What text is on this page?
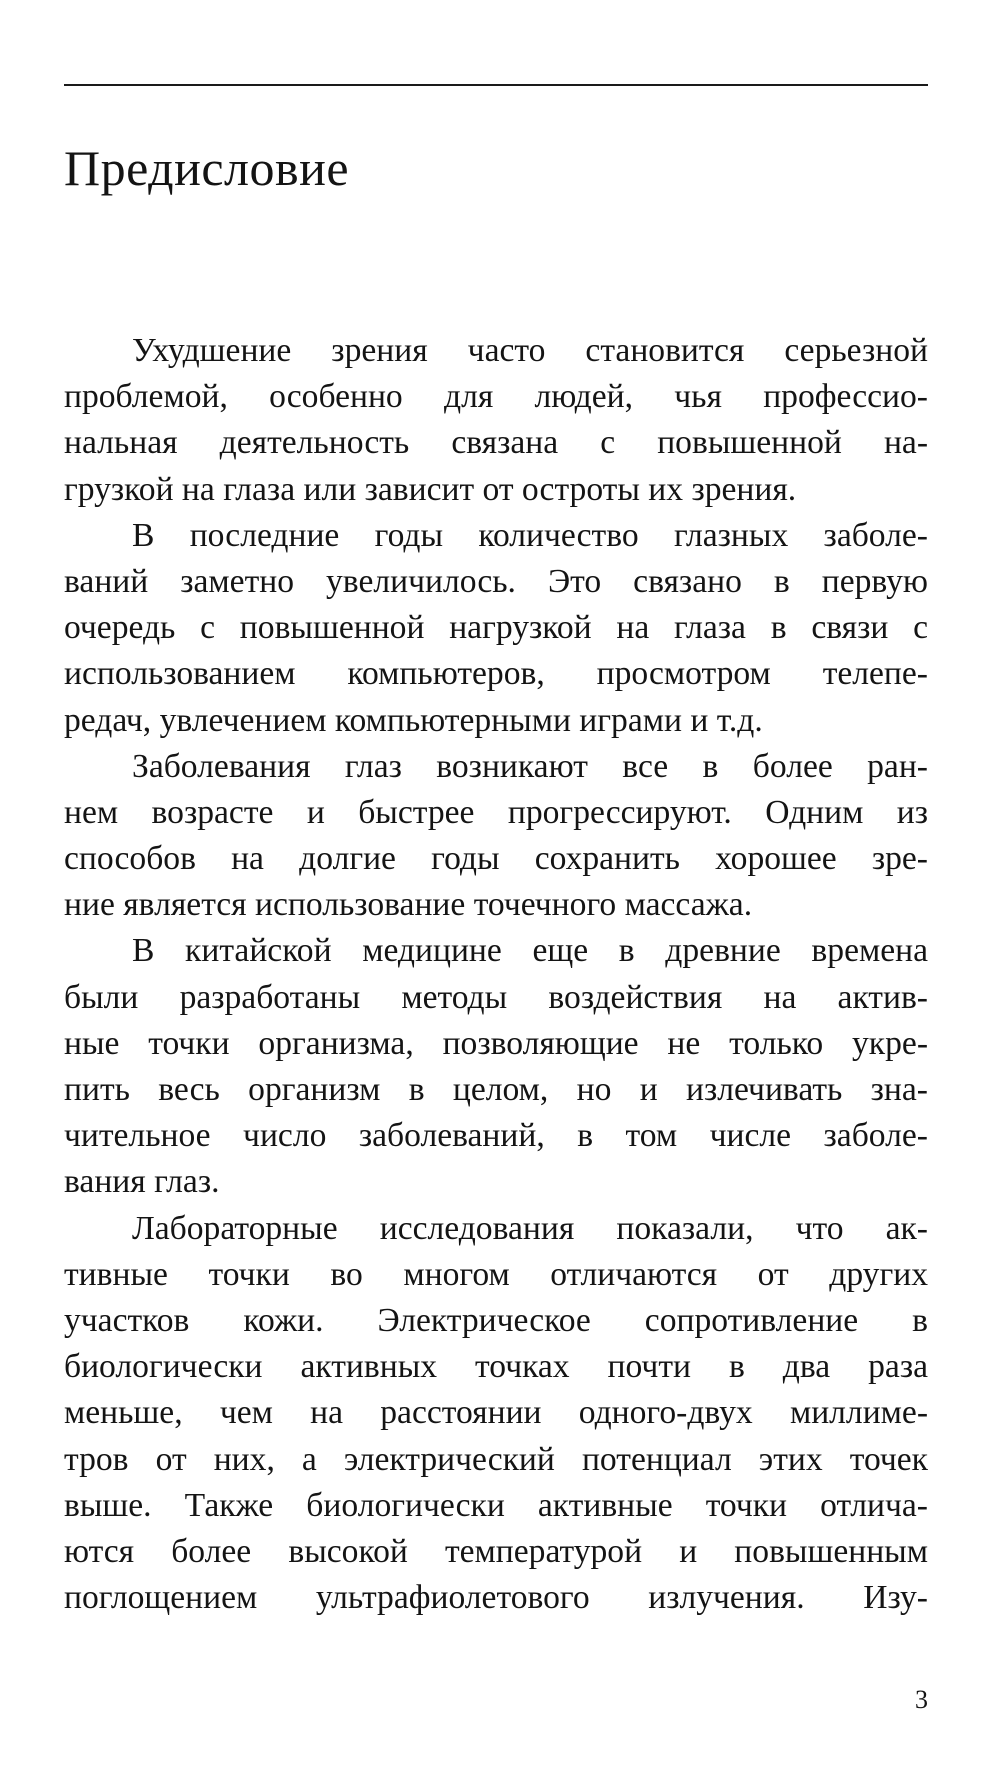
Предисловие
Ухудшение зрения часто становится серьезной
проблемой, особенно для людей, чья профессио-
нальная деятельность связана с повышенной на-
грузкой на глаза или зависит от остроты их зрения.
В последние годы количество глазных заболе-
ваний заметно увеличилось. Это связано в первую
очередь с повышенной нагрузкой на глаза в связи с
использованием компьютеров, просмотром телепе-
редач, увлечением компьютерными играми и т.д.
Заболевания глаз возникают все в более ран-
нем возрасте и быстрее прогрессируют. Одним из
способов на долгие годы сохранить хорошее зре-
ние является использование точечного массажа.
В китайской медицине еще в древние времена
были разработаны методы воздействия на актив-
ные точки организма, позволяющие не только укре-
пить весь организм в целом, но и излечивать зна-
чительное число заболеваний, в том числе заболе-
вания глаз.
Лабораторные исследования показали, что ак-
тивные точки во многом отличаются от других
участков кожи. Электрическое сопротивление в
биологически активных точках почти в два раза
меньше, чем на расстоянии одного-двух миллиме-
тров от них, а электрический потенциал этих точек
выше. Также биологически активные точки отлича-
ются более высокой температурой и повышенным
поглощением ультрафиолетового излучения. Изу-
3
